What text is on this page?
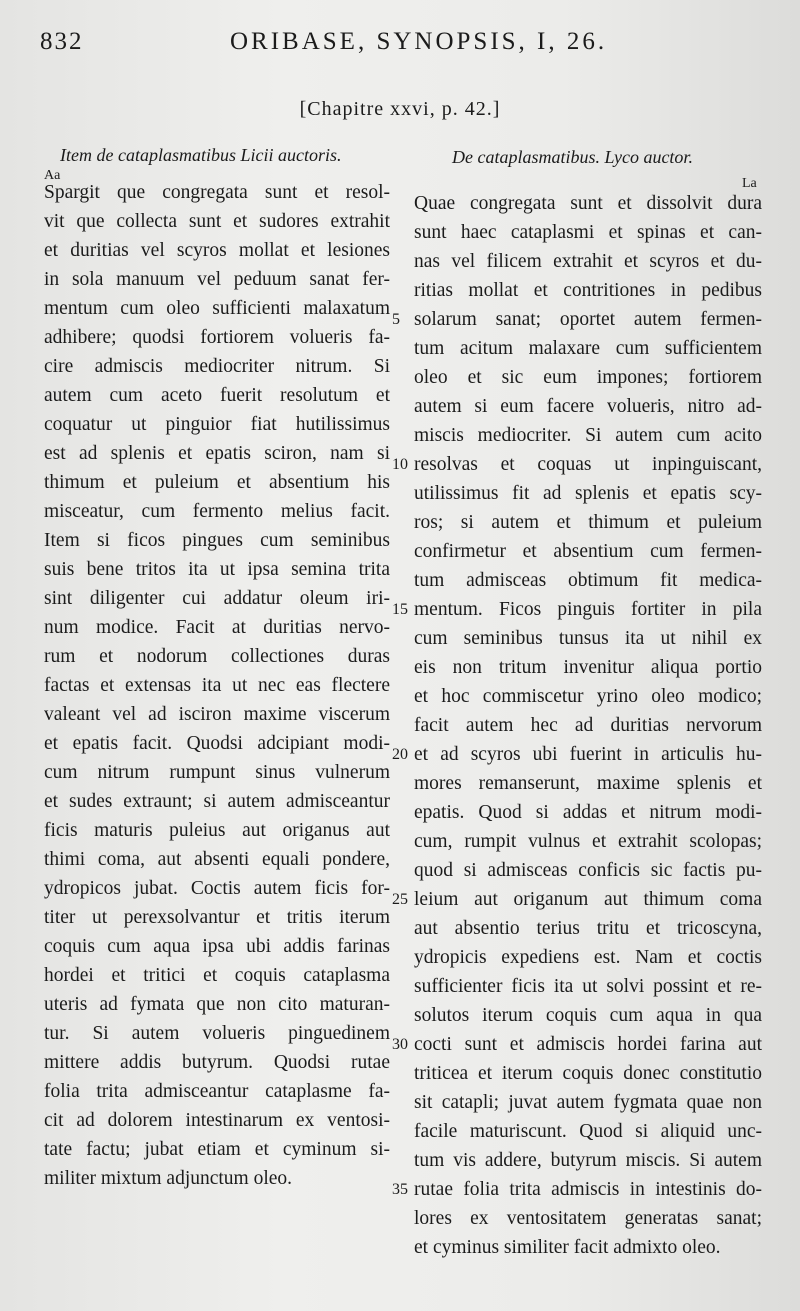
832	ORIBASE, SYNOPSIS, I, 26.
[Chapitre xxvi, p. 42.]
Item de cataplasmatibus Licii auctoris.	De cataplasmatibus. Lyco auctor.
Aa
La
Spargit que congregata sunt et resol-
vit que collecta sunt et sudores extrahit
et duritias vel scyros mollat et lesiones
in sola manuum vel peduum sanat fer-
mentum cum oleo sufficienti malaxatum
adhibere; quodsi fortiorem volueris fa-
cire admiscis mediocriter nitrum. Si
autem cum aceto fuerit resolutum et
coquatur ut pinguior fiat hutilissimus
est ad splenis et epatis sciron, nam si
thimum et puleium et absentium his
misceatur, cum fermento melius facit.
Item si ficos pingues cum seminibus
suis bene tritos ita ut ipsa semina trita
sint diligenter cui addatur oleum iri-
num modice. Facit at duritias nervo-
rum et nodorum collectiones duras
factas et extensas ita ut nec eas flectere
valeant vel ad isciron maxime viscerum
et epatis facit. Quodsi adcipiant modi-
cum nitrum rumpunt sinus vulnerum
et sudes extraunt; si autem admisceantur
ficis maturis puleius aut origanus aut
thimi coma, aut absenti equali pondere,
ydropicos jubat. Coctis autem ficis for-
titer ut perexsolvantur et tritis iterum
coquis cum aqua ipsa ubi addis farinas
hordei et tritici et coquis cataplasma
uteris ad fymata que non cito maturan-
tur. Si autem volueris pinguedinem
mittere addis butyrum. Quodsi rutae
folia trita admisceantur cataplasme fa-
cit ad dolorem intestinarum ex ventosi-
tate factu; jubat etiam et cyminum si-
militer mixtum adjunctum oleo.
5
10
15
20
25
30
35
Quae congregata sunt et dissolvit dura
sunt haec cataplasmi et spinas et can-
nas vel filicem extrahit et scyros et du-
ritias mollat et contritiones in pedibus
solarum sanat; oportet autem fermen-
tum acitum malaxare cum sufficientem
oleo et sic eum impones; fortiorem
autem si eum facere volueris, nitro ad-
miscis mediocriter. Si autem cum acito
resolvas et coquas ut inpinguiscant,
utilissimus fit ad splenis et epatis scy-
ros; si autem et thimum et puleium
confirmetur et absentium cum fermen-
tum admisceas obtimum fit medica-
mentum. Ficos pinguis fortiter in pila
cum seminibus tunsus ita ut nihil ex
eis non tritum invenitur aliqua portio
et hoc commiscetur yrino oleo modico;
facit autem hec ad duritias nervorum
et ad scyros ubi fuerint in articulis hu-
mores remanserunt, maxime splenis et
epatis. Quod si addas et nitrum modi-
cum, rumpit vulnus et extrahit scolopas;
quod si admisceas conficis sic factis pu-
leium aut origanum aut thimum coma
aut absentio terius tritu et tricoscyna,
ydropicis expediens est. Nam et coctis
sufficienter ficis ita ut solvi possint et re-
solutos iterum coquis cum aqua in qua
cocti sunt et admiscis hordei farina aut
triticea et iterum coquis donec constitutio
sit catapli; juvat autem fygmata quae non
facile maturiscunt. Quod si aliquid unc-
tum vis addere, butyrum miscis. Si autem
rutae folia trita admiscis in intestinis do-
lores ex ventositatem generatas sanat;
et cyminus similiter facit admixto oleo.
